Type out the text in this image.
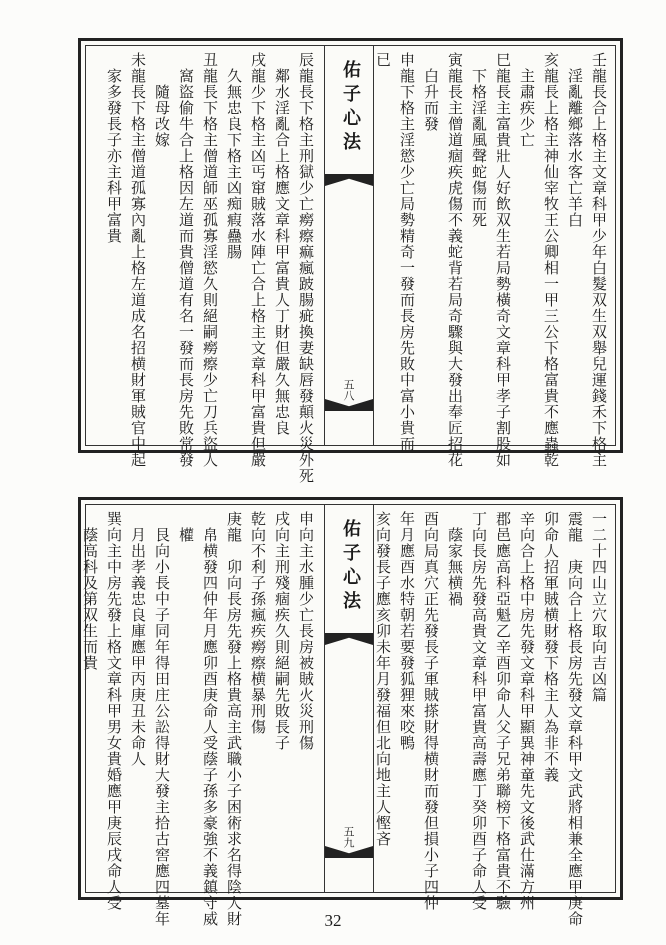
壬龍長合上格主文章科甲少年白髮双生双舉兒運錢禾下格主
　淫亂離鄉落水客亡羊白
亥龍長上格主神仙宰牧王公卿相一甲三公下格富貴不應蟲乾
　主肅疾少亡
巳龍長主富貴壯人好飲双生若局勢橫奇文章科甲孝子割股如
　下格淫亂風聲蛇傷而死
寅龍長主僧道痼疾虎傷不義蛇背若局奇驟與大發出奉匠招花
　白升而發
申龍下格主淫慾少亡局勢精奇一發而長房先敗中富小貴而
已
佑子心法
五八
辰龍長下格主刑獄少亡癆瘵痲瘋跛腸疵換妻缺唇發顛火災外死
　鄰水淫亂合上格應文章科甲富貴人丁財但嚴久無忠良
戌龍少下格主凶丐窜賊落水陣亡合上格主文章科甲富貴但嚴
　久無忠良下格主凶痴瘕蠱腸
丑龍長下格主僧道師巫孤寡淫慾久則絕嗣癆瘵少亡刀兵盜人
　窩盜偷牛合上格因左道而貴僧道有名一發而長房先敗常發
　　隨母改嫁
未龍長下格主僧道孤寡內亂上格左道成名招横財軍賊官中起
　家多發長子亦主科甲富貴
一二十四山立穴取向吉凶篇
震龍　庚向合上格長房先發文章科甲文武將相兼全應甲庚命
卯命人招軍賊横財發下格主人為非不義
辛向合上格中房先發文章科甲顯異神童先文後武仕滿方州
郡邑應高科亞魁乙辛酉卯命人父子兄弟聯榜下格富貴不驗
丁向長房先發高貴文章科甲富貴高壽應丁癸卯酉子命人受
　蔭家無横禍
酉向局真穴正先發長子軍賊搽財得横財而發但損小子四仲
年月應酉水特朝若要發狐狸來咬鴨
亥向發長子應亥卯未年月發福但北向地主人慳吝
佑子心法
五九
申向主水腫少亡長房被賊火災刑傷
戌向主刑殘痼疾久則絕嗣先敗長子
乾向不利子孫瘋疾癆瘵横暴刑傷
庚龍　卯向長房先發上格貴高主武職小子困術求名得陰人財
　帛横發四仲年月應卯酉庚命人受蔭子孫多豪強不義鎮守威
　權
　艮向小長中子同年得田庄公訟得財大發主拾古窖應四墓年
　月出孝義忠良庫應甲丙庚丑未命人
巽向主中房先發上格文章科甲男女貴婚應甲庚辰戌命人受
　蔭高科及第双生而貴
32
